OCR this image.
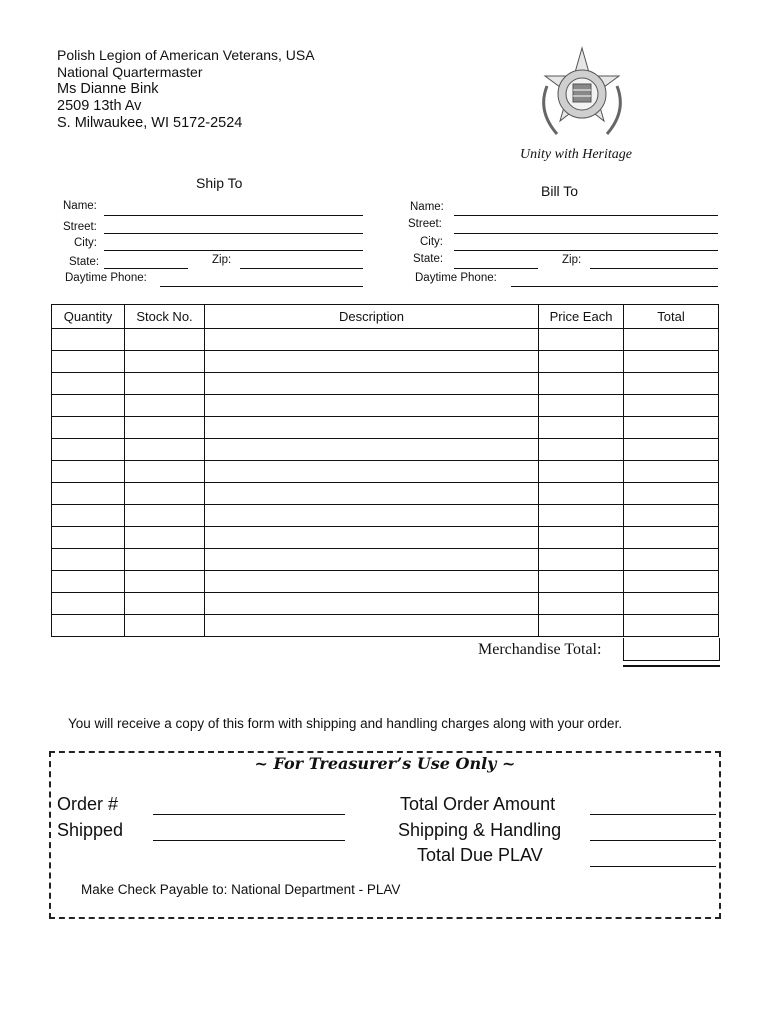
Polish Legion of American Veterans, USA
National Quartermaster
Ms Dianne Bink
2509 13th Av
S. Milwaukee, WI 5172-2524
Unity with Heritage
Ship To
Name:
Street:
City:
State:	Zip:
Daytime Phone:
Bill To
Name:
Street:
City:
State:	Zip:
Daytime Phone:
Quantity	Stock No.	Description	Price Each	Total

Merchandise Total:
You will receive a copy of this form with shipping and handling charges along with your order.
~ For Treasurer’s Use Only ~
Order #
Shipped
Total Order Amount
Shipping & Handling
Total Due PLAV
Make Check Payable to: National Department - PLAV
